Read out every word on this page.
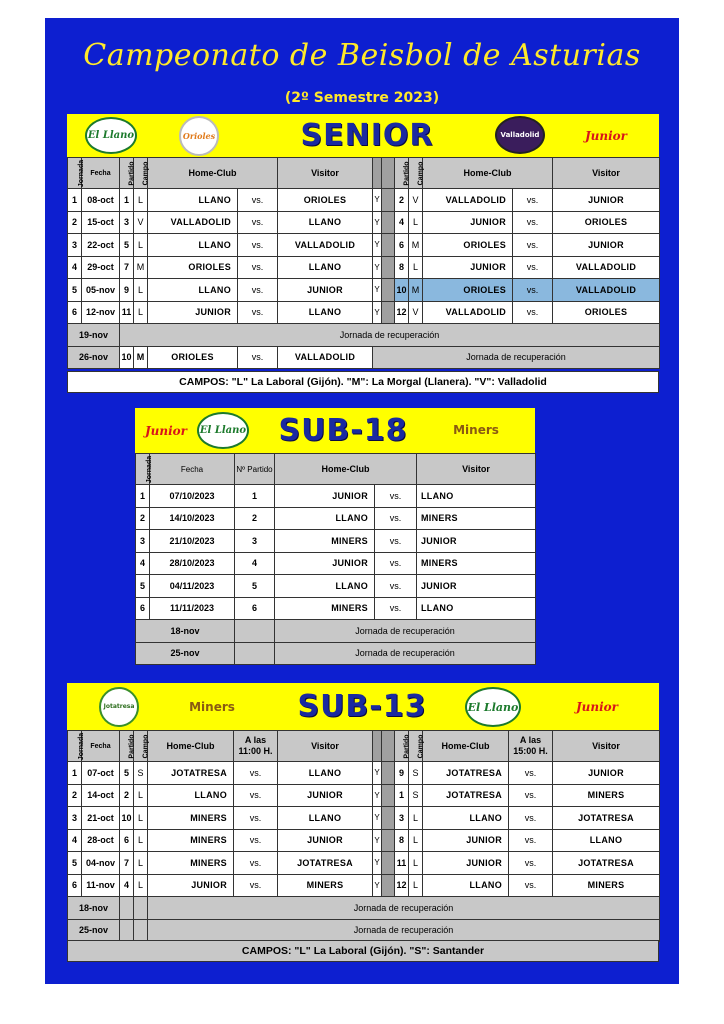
Campeonato de Beisbol de Asturias
(2º Semestre 2023)
El Llano	Orioles	SENIOR	Valladolid	Junior
Jornada	Fecha	Partido	Campo	Home-Club		Visitor			Partido	Campo	Home-Club		Visitor
1	08-oct	1	L	LLANO	vs.	ORIOLES	Y		2	V	VALLADOLID	vs.	JUNIOR
2	15-oct	3	V	VALLADOLID	vs.	LLANO	Y		4	L	JUNIOR	vs.	ORIOLES
3	22-oct	5	L	LLANO	vs.	VALLADOLID	Y		6	M	ORIOLES	vs.	JUNIOR
4	29-oct	7	M	ORIOLES	vs.	LLANO	Y		8	L	JUNIOR	vs.	VALLADOLID
5	05-nov	9	L	LLANO	vs.	JUNIOR	Y		10	M	ORIOLES	vs.	VALLADOLID
6	12-nov	11	L	JUNIOR	vs.	LLANO	Y		12	V	VALLADOLID	vs.	ORIOLES
19-nov		Jornada de recuperación											
26-nov		10	M	ORIOLES	vs.	VALLADOLID	Jornada de recuperación						
CAMPOS: "L" La Laboral (Gijón). "M": La Morgal (Llanera). "V": Valladolid
Junior El Llano	SUB-18	Miners
Jornada	Fecha	Nº Partido	Home-Club		Visitor
1	07/10/2023	1	JUNIOR	vs.	LLANO
2	14/10/2023	2	LLANO	vs.	MINERS
3	21/10/2023	3	MINERS	vs.	JUNIOR
4	28/10/2023	4	JUNIOR	vs.	MINERS
5	04/11/2023	5	LLANO	vs.	JUNIOR
6	11/11/2023	6	MINERS	vs.	LLANO
18-nov			Jornada de recuperación		
25-nov			Jornada de recuperación		
Jotatresa	Miners	SUB-13	El Llano	Junior
Jornada	Fecha	Partido	Campo	Home-Club	A las 11:00 H.	Visitor			Partido	Campo	Home-Club	A las 15:00 H.	Visitor
1	07-oct	5	S	JOTATRESA	vs.	LLANO	Y		9	S	JOTATRESA	vs.	JUNIOR
2	14-oct	2	L	LLANO	vs.	JUNIOR	Y		1	S	JOTATRESA	vs.	MINERS
3	21-oct	10	L	MINERS	vs.	LLANO	Y		3	L	LLANO	vs.	JOTATRESA
4	28-oct	6	L	MINERS	vs.	JUNIOR	Y		8	L	JUNIOR	vs.	LLANO
5	04-nov	7	L	MINERS	vs.	JOTATRESA	Y		11	L	JUNIOR	vs.	JOTATRESA
6	11-nov	4	L	JUNIOR	vs.	MINERS	Y		12	L	LLANO	vs.	MINERS
18-nov				Jornada de recuperación									
25-nov				Jornada de recuperación									
CAMPOS: "L" La Laboral (Gijón). "S": Santander
